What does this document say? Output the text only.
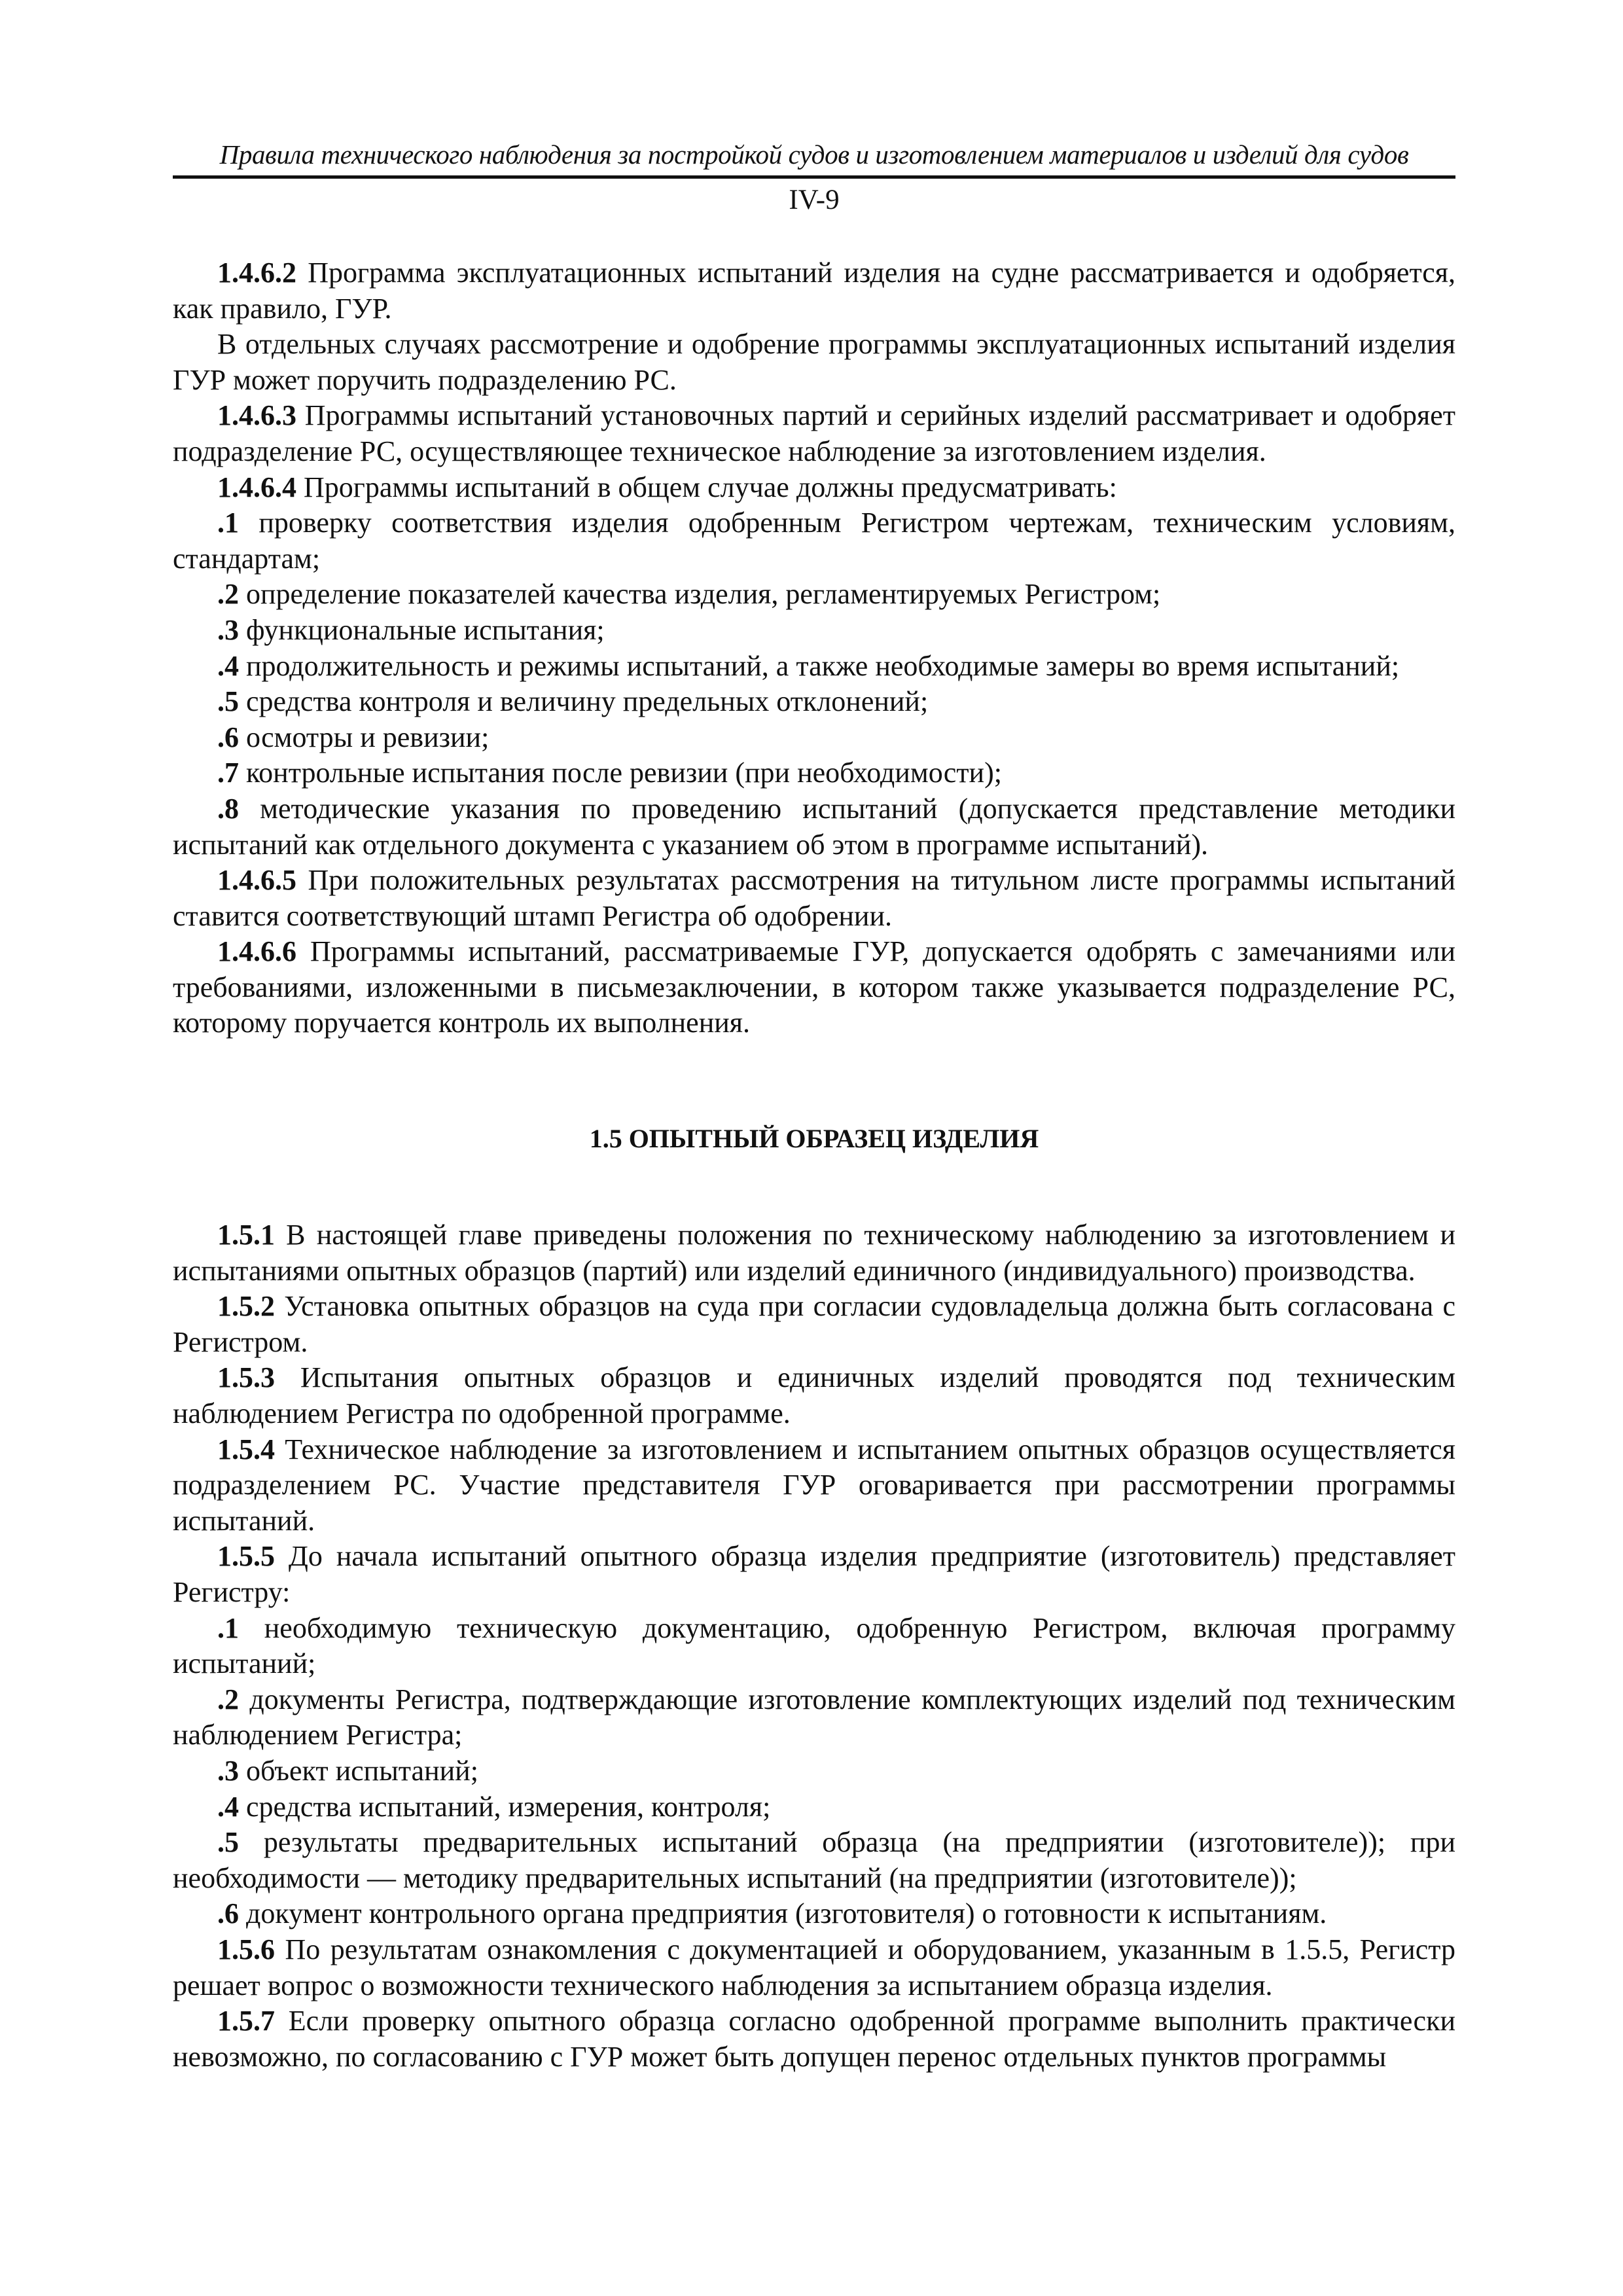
Правила технического наблюдения за постройкой судов и изготовлением материалов и изделий для судов
IV-9

1.4.6.2 Программа эксплуатационных испытаний изделия на судне рассматривается и одобряется, как правило, ГУР.

В отдельных случаях рассмотрение и одобрение программы эксплуатационных испытаний изделия ГУР может поручить подразделению РС.

1.4.6.3 Программы испытаний установочных партий и серийных изделий рассматривает и одобряет подразделение РС, осуществляющее техническое наблюдение за изготовлением изделия.

1.4.6.4 Программы испытаний в общем случае должны предусматривать:

.1 проверку соответствия изделия одобренным Регистром чертежам, техническим условиям, стандартам;

.2 определение показателей качества изделия, регламентируемых Регистром;

.3 функциональные испытания;

.4 продолжительность и режимы испытаний, а также необходимые замеры во время испытаний;

.5 средства контроля и величину предельных отклонений;

.6 осмотры и ревизии;

.7 контрольные испытания после ревизии (при необходимости);

.8 методические указания по проведению испытаний (допускается представление методики испытаний как отдельного документа с указанием об этом в программе испытаний).

1.4.6.5 При положительных результатах рассмотрения на титульном листе программы испытаний ставится соответствующий штамп Регистра об одобрении.

1.4.6.6 Программы испытаний, рассматриваемые ГУР, допускается одобрять с замечаниями или требованиями, изложенными в письмезаключении, в котором также указывается подразделение РС, которому поручается контроль их выполнения.

1.5 ОПЫТНЫЙ ОБРАЗЕЦ ИЗДЕЛИЯ

1.5.1 В настоящей главе приведены положения по техническому наблюдению за изготовлением и испытаниями опытных образцов (партий) или изделий единичного (индивидуального) производства.

1.5.2 Установка опытных образцов на суда при согласии судовладельца должна быть согласована с Регистром.

1.5.3 Испытания опытных образцов и единичных изделий проводятся под техническим наблюдением Регистра по одобренной программе.

1.5.4 Техническое наблюдение за изготовлением и испытанием опытных образцов осуществляется подразделением РС. Участие представителя ГУР оговаривается при рассмотрении программы испытаний.

1.5.5 До начала испытаний опытного образца изделия предприятие (изготовитель) представляет Регистру:

.1 необходимую техническую документацию, одобренную Регистром, включая программу испытаний;

.2 документы Регистра, подтверждающие изготовление комплектующих изделий под техническим наблюдением Регистра;

.3 объект испытаний;

.4 средства испытаний, измерения, контроля;

.5 результаты предварительных испытаний образца (на предприятии (изготовителе)); при необходимости — методику предварительных испытаний (на предприятии (изготовителе));

.6 документ контрольного органа предприятия (изготовителя) о готовности к испытаниям.

1.5.6 По результатам ознакомления с документацией и оборудованием, указанным в 1.5.5, Регистр решает вопрос о возможности технического наблюдения за испытанием образца изделия.

1.5.7 Если проверку опытного образца согласно одобренной программе выполнить практически невозможно, по согласованию с ГУР может быть допущен перенос отдельных пунктов программы
